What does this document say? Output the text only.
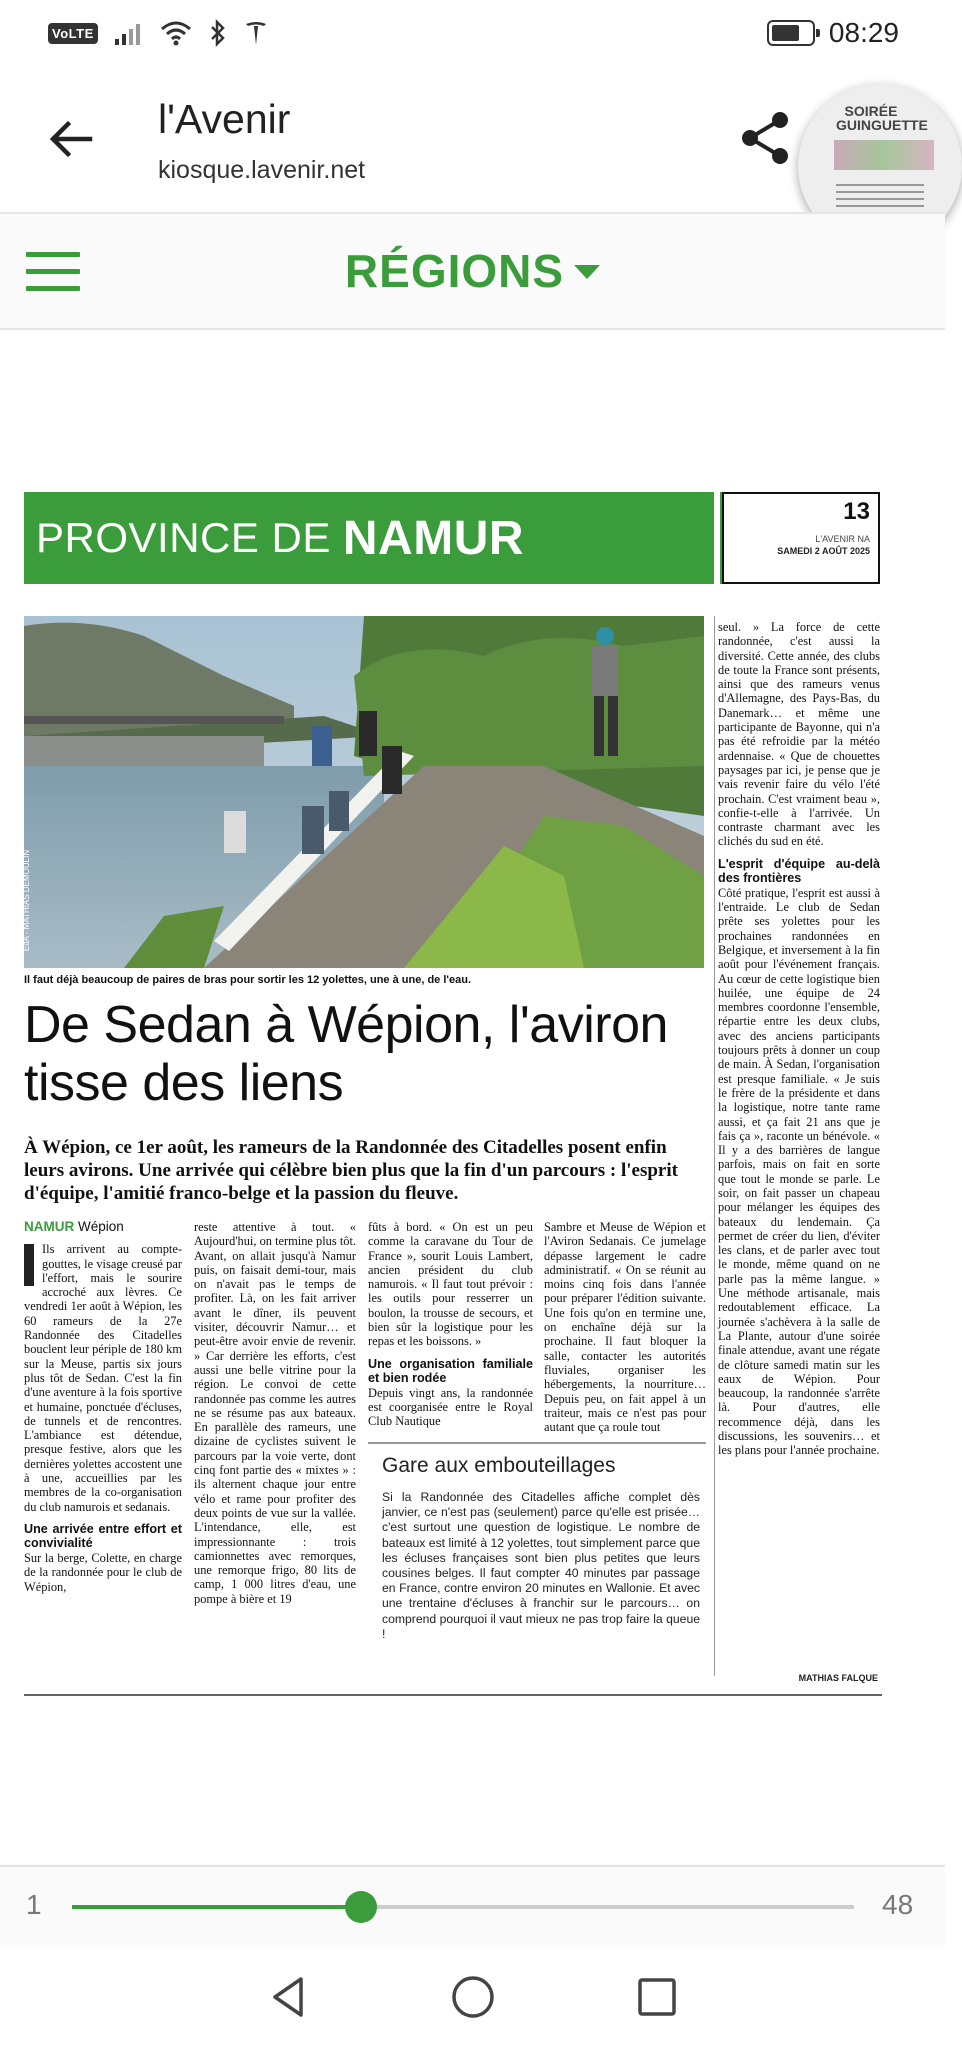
VoLTE	08:29
l'Avenir
kiosque.lavenir.net
SOIRÉE GUINGUETTE
RÉGIONS
PROVINCE DE NAMUR	13
L'AVENIR NA
SAMEDI 2 AOÛT 2025
EdA - MATHIAS DEMOULIN
Il faut déjà beaucoup de paires de bras pour sortir les 12 yolettes, une à une, de l'eau.
De Sedan à Wépion, l'aviron tisse des liens
À Wépion, ce 1er août, les rameurs de la Randonnée des Citadelles posent enfin leurs avirons. Une arrivée qui célèbre bien plus que la fin d'un parcours : l'esprit d'équipe, l'amitié franco-belge et la passion du fleuve.
NAMUR Wépion

Ils arrivent au compte-gouttes, le visage creusé par l'effort, mais le sourire accroché aux lèvres. Ce vendredi 1er août à Wépion, les 60 rameurs de la 27e Randonnée des Citadelles bouclent leur périple de 180 km sur la Meuse, partis six jours plus tôt de Sedan. C'est la fin d'une aventure à la fois sportive et humaine, ponctuée d'écluses, de tunnels et de rencontres. L'ambiance est détendue, presque festive, alors que les dernières yolettes accostent une à une, accueillies par les membres de la co-organisation du club namurois et sedanais.

Une arrivée entre effort et convivialité

Sur la berge, Colette, en charge de la randonnée pour le club de Wépion,

reste attentive à tout. « Aujourd'hui, on termine plus tôt. Avant, on allait jusqu'à Namur puis, on faisait demi-tour, mais on n'avait pas le temps de profiter. Là, on les fait arriver avant le dîner, ils peuvent visiter, découvrir Namur… et peut-être avoir envie de revenir. » Car derrière les efforts, c'est aussi une belle vitrine pour la région. Le convoi de cette randonnée pas comme les autres ne se résume pas aux bateaux. En parallèle des rameurs, une dizaine de cyclistes suivent le parcours par la voie verte, dont cinq font partie des « mixtes » : ils alternent chaque jour entre vélo et rame pour profiter des deux points de vue sur la vallée. L'intendance, elle, est impressionnante : trois camionnettes avec remorques, une remorque frigo, 80 lits de camp, 1 000 litres d'eau, une pompe à bière et 19

fûts à bord. « On est un peu comme la caravane du Tour de France », sourit Louis Lambert, ancien président du club namurois. « Il faut tout prévoir : les outils pour resserrer un boulon, la trousse de secours, et bien sûr la logistique pour les repas et les boissons. »

Une organisation familiale et bien rodée

Depuis vingt ans, la randonnée est coorganisée entre le Royal Club Nautique

Sambre et Meuse de Wépion et l'Aviron Sedanais. Ce jumelage dépasse largement le cadre administratif. « On se réunit au moins cinq fois dans l'année pour préparer l'édition suivante. Une fois qu'on en termine une, on enchaîne déjà sur la prochaine. Il faut bloquer la salle, contacter les autorités fluviales, organiser les hébergements, la nourriture… Depuis peu, on fait appel à un traiteur, mais ce n'est pas pour autant que ça roule tout

Gare aux embouteillages
Si la Randonnée des Citadelles affiche complet dès janvier, ce n'est pas (seulement) parce qu'elle est prisée… c'est surtout une question de logistique. Le nombre de bateaux est limité à 12 yolettes, tout simplement parce que les écluses françaises sont bien plus petites que leurs cousines belges. Il faut compter 40 minutes par passage en France, contre environ 20 minutes en Wallonie. Et avec une trentaine d'écluses à franchir sur le parcours… on comprend pourquoi il vaut mieux ne pas trop faire la queue !

seul. » La force de cette randonnée, c'est aussi la diversité. Cette année, des clubs de toute la France sont présents, ainsi que des rameurs venus d'Allemagne, des Pays-Bas, du Danemark… et même une participante de Bayonne, qui n'a pas été refroidie par la météo ardennaise. « Que de chouettes paysages par ici, je pense que je vais revenir faire du vélo l'été prochain. C'est vraiment beau », confie-t-elle à l'arrivée. Un contraste charmant avec les clichés du sud en été.

L'esprit d'équipe au-delà des frontières

Côté pratique, l'esprit est aussi à l'entraide. Le club de Sedan prête ses yolettes pour les prochaines randonnées en Belgique, et inversement à la fin août pour l'événement français. Au cœur de cette logistique bien huilée, une équipe de 24 membres coordonne l'ensemble, répartie entre les deux clubs, avec des anciens participants toujours prêts à donner un coup de main. À Sedan, l'organisation est presque familiale. « Je suis le frère de la présidente et dans la logistique, notre tante rame aussi, et ça fait 21 ans que je fais ça », raconte un bénévole. « Il y a des barrières de langue parfois, mais on fait en sorte que tout le monde se parle. Le soir, on fait passer un chapeau pour mélanger les équipes des bateaux du lendemain. Ça permet de créer du lien, d'éviter les clans, et de parler avec tout le monde, même quand on ne parle pas la même langue. » Une méthode artisanale, mais redoutablement efficace. La journée s'achèvera à la salle de La Plante, autour d'une soirée finale attendue, avant une régate de clôture samedi matin sur les eaux de Wépion. Pour beaucoup, la randonnée s'arrête là. Pour d'autres, elle recommence déjà, dans les discussions, les souvenirs… et les plans pour l'année prochaine.

MATHIAS FALQUE
1	48
